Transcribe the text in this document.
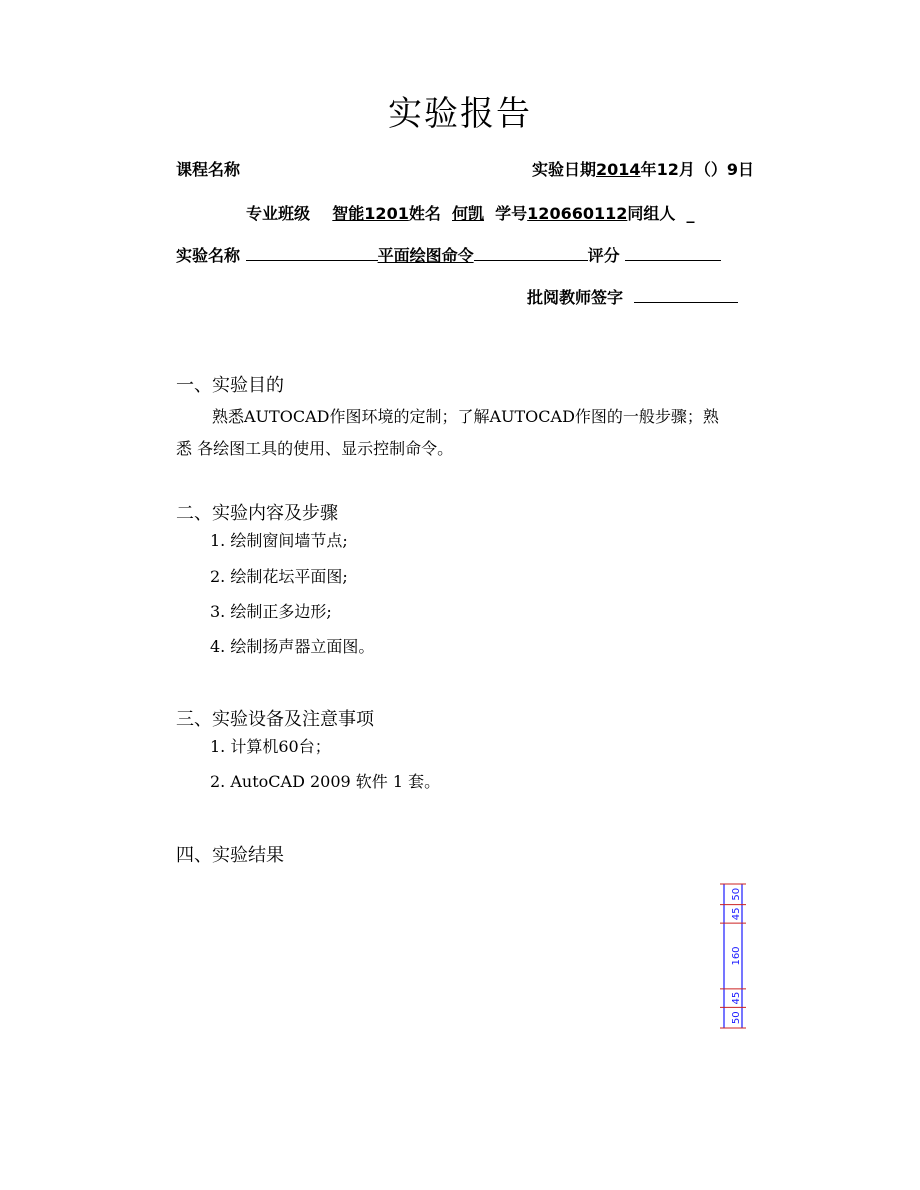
实验报告
课程名称	实验日期2014年12月（）9日
专业班级 智能1201姓名 何凯 学号120660112同组人 _
实验名称	平面绘图命令	评分
批阅教师签字
一、实验目的
熟悉AUTOCAD作图环境的定制；了解AUTOCAD作图的一般步骤；熟
悉 各绘图工具的使用、显示控制命令。
二、实验内容及步骤
1. 绘制窗间墙节点;
2. 绘制花坛平面图;
3. 绘制正多边形;
4. 绘制扬声器立面图。
三、实验设备及注意事项
1. 计算机60台；
2. AutoCAD 2009 软件 1 套。
四、实验结果
50
45
160
45
50
